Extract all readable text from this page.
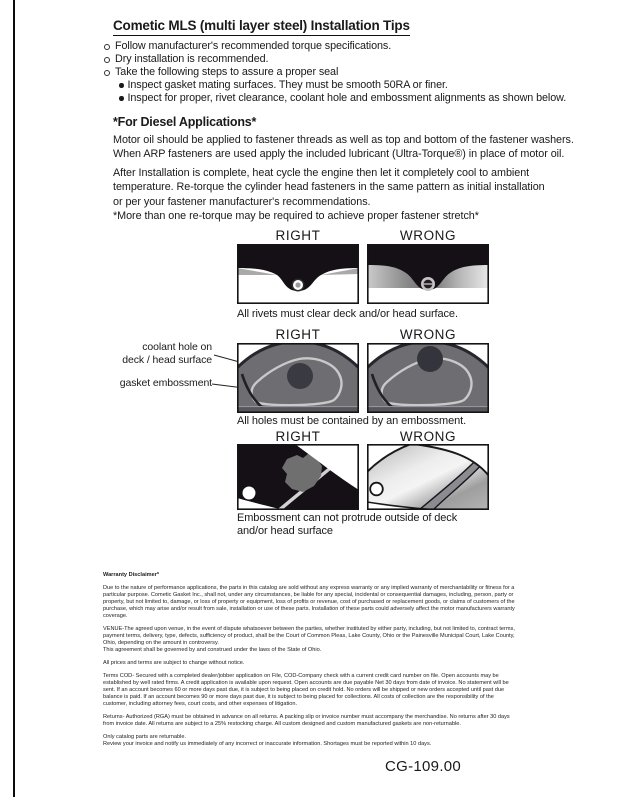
Cometic MLS (multi layer steel) Installation Tips
Follow manufacturer's recommended torque specifications.
Dry installation is recommended.
Take the following steps to assure a proper seal
Inspect gasket mating surfaces. They must be smooth 50RA or finer.
Inspect for proper, rivet clearance, coolant hole and embossment alignments as shown below.
*For Diesel Applications*
Motor oil should be applied to fastener threads as well as top and bottom of the fastener washers.
When ARP fasteners are used apply the included lubricant (Ultra-Torque®) in place of motor oil.
After Installation is complete, heat cycle the engine then let it completely cool to ambient
temperature. Re-torque the cylinder head fasteners in the same pattern as initial installation
or per your fastener manufacturer's recommendations.
*More than one re-torque may be required to achieve proper fastener stretch*
RIGHT	WRONG
All rivets must clear deck and/or head surface.
RIGHT	WRONG
coolant hole on
deck / head surface
gasket embossment
All holes must be contained by an embossment.
RIGHT	WRONG
Embossment can not protrude outside of deck
and/or head surface
Warranty Disclaimer*

Due to the nature of performance applications, the parts in this catalog are sold without any express warranty or any implied warranty of merchantability or fitness for a particular purpose. Cometic Gasket Inc., shall not, under any circumstances, be liable for any special, incidental or consequential damages, including, person, party or property, but not limited to, damage, or loss of property or equipment, loss of profits or revenue, cost of purchased or replacement goods, or claims of customers of the purchase, which may arise and/or result from sale, installation or use of these parts. Installation of these parts could adversely affect the motor manufacturers warranty coverage.

VENUE-The agreed upon venue, in the event of dispute whatsoever between the parties, whether instituted by either party, including, but not limited to, contract terms, payment terms, delivery, type, defects, sufficiency of product, shall be the Court of Common Pleas, Lake County, Ohio or the Painesville Municipal Court, Lake County, Ohio, depending on the amount in controversy.

This agreement shall be governed by and construed under the laws of the State of Ohio.

All prices and terms are subject to change without notice.

Terms COD- Secured with a completed dealer/jobber application on File, COD-Company check with a current credit card number on file. Open accounts may be established by well rated firms. A credit application is available upon request. Open accounts are due payable Net 30 days from date of invoice. No statement will be sent. If an account becomes 60 or more days past due, it is subject to being placed on credit hold. No orders will be shipped or new orders accepted until past due balance is paid. If an account becomes 90 or more days past due, it is subject to being placed for collections. All costs of collection are the responsibility of the customer, including attorney fees, court costs, and other expenses of litigation.

Returns- Authorized (RGA) must be obtained in advance on all returns. A packing slip or invoice number must accompany the merchandise. No returns after 30 days from invoice date. All returns are subject to a 25% restocking charge. All custom designed and custom manufactured gaskets are non-returnable.

Only catalog parts are returnable.

Review your invoice and notify us immediately of any incorrect or inaccurate information. Shortages must be reported within 10 days.

CG-109.00
